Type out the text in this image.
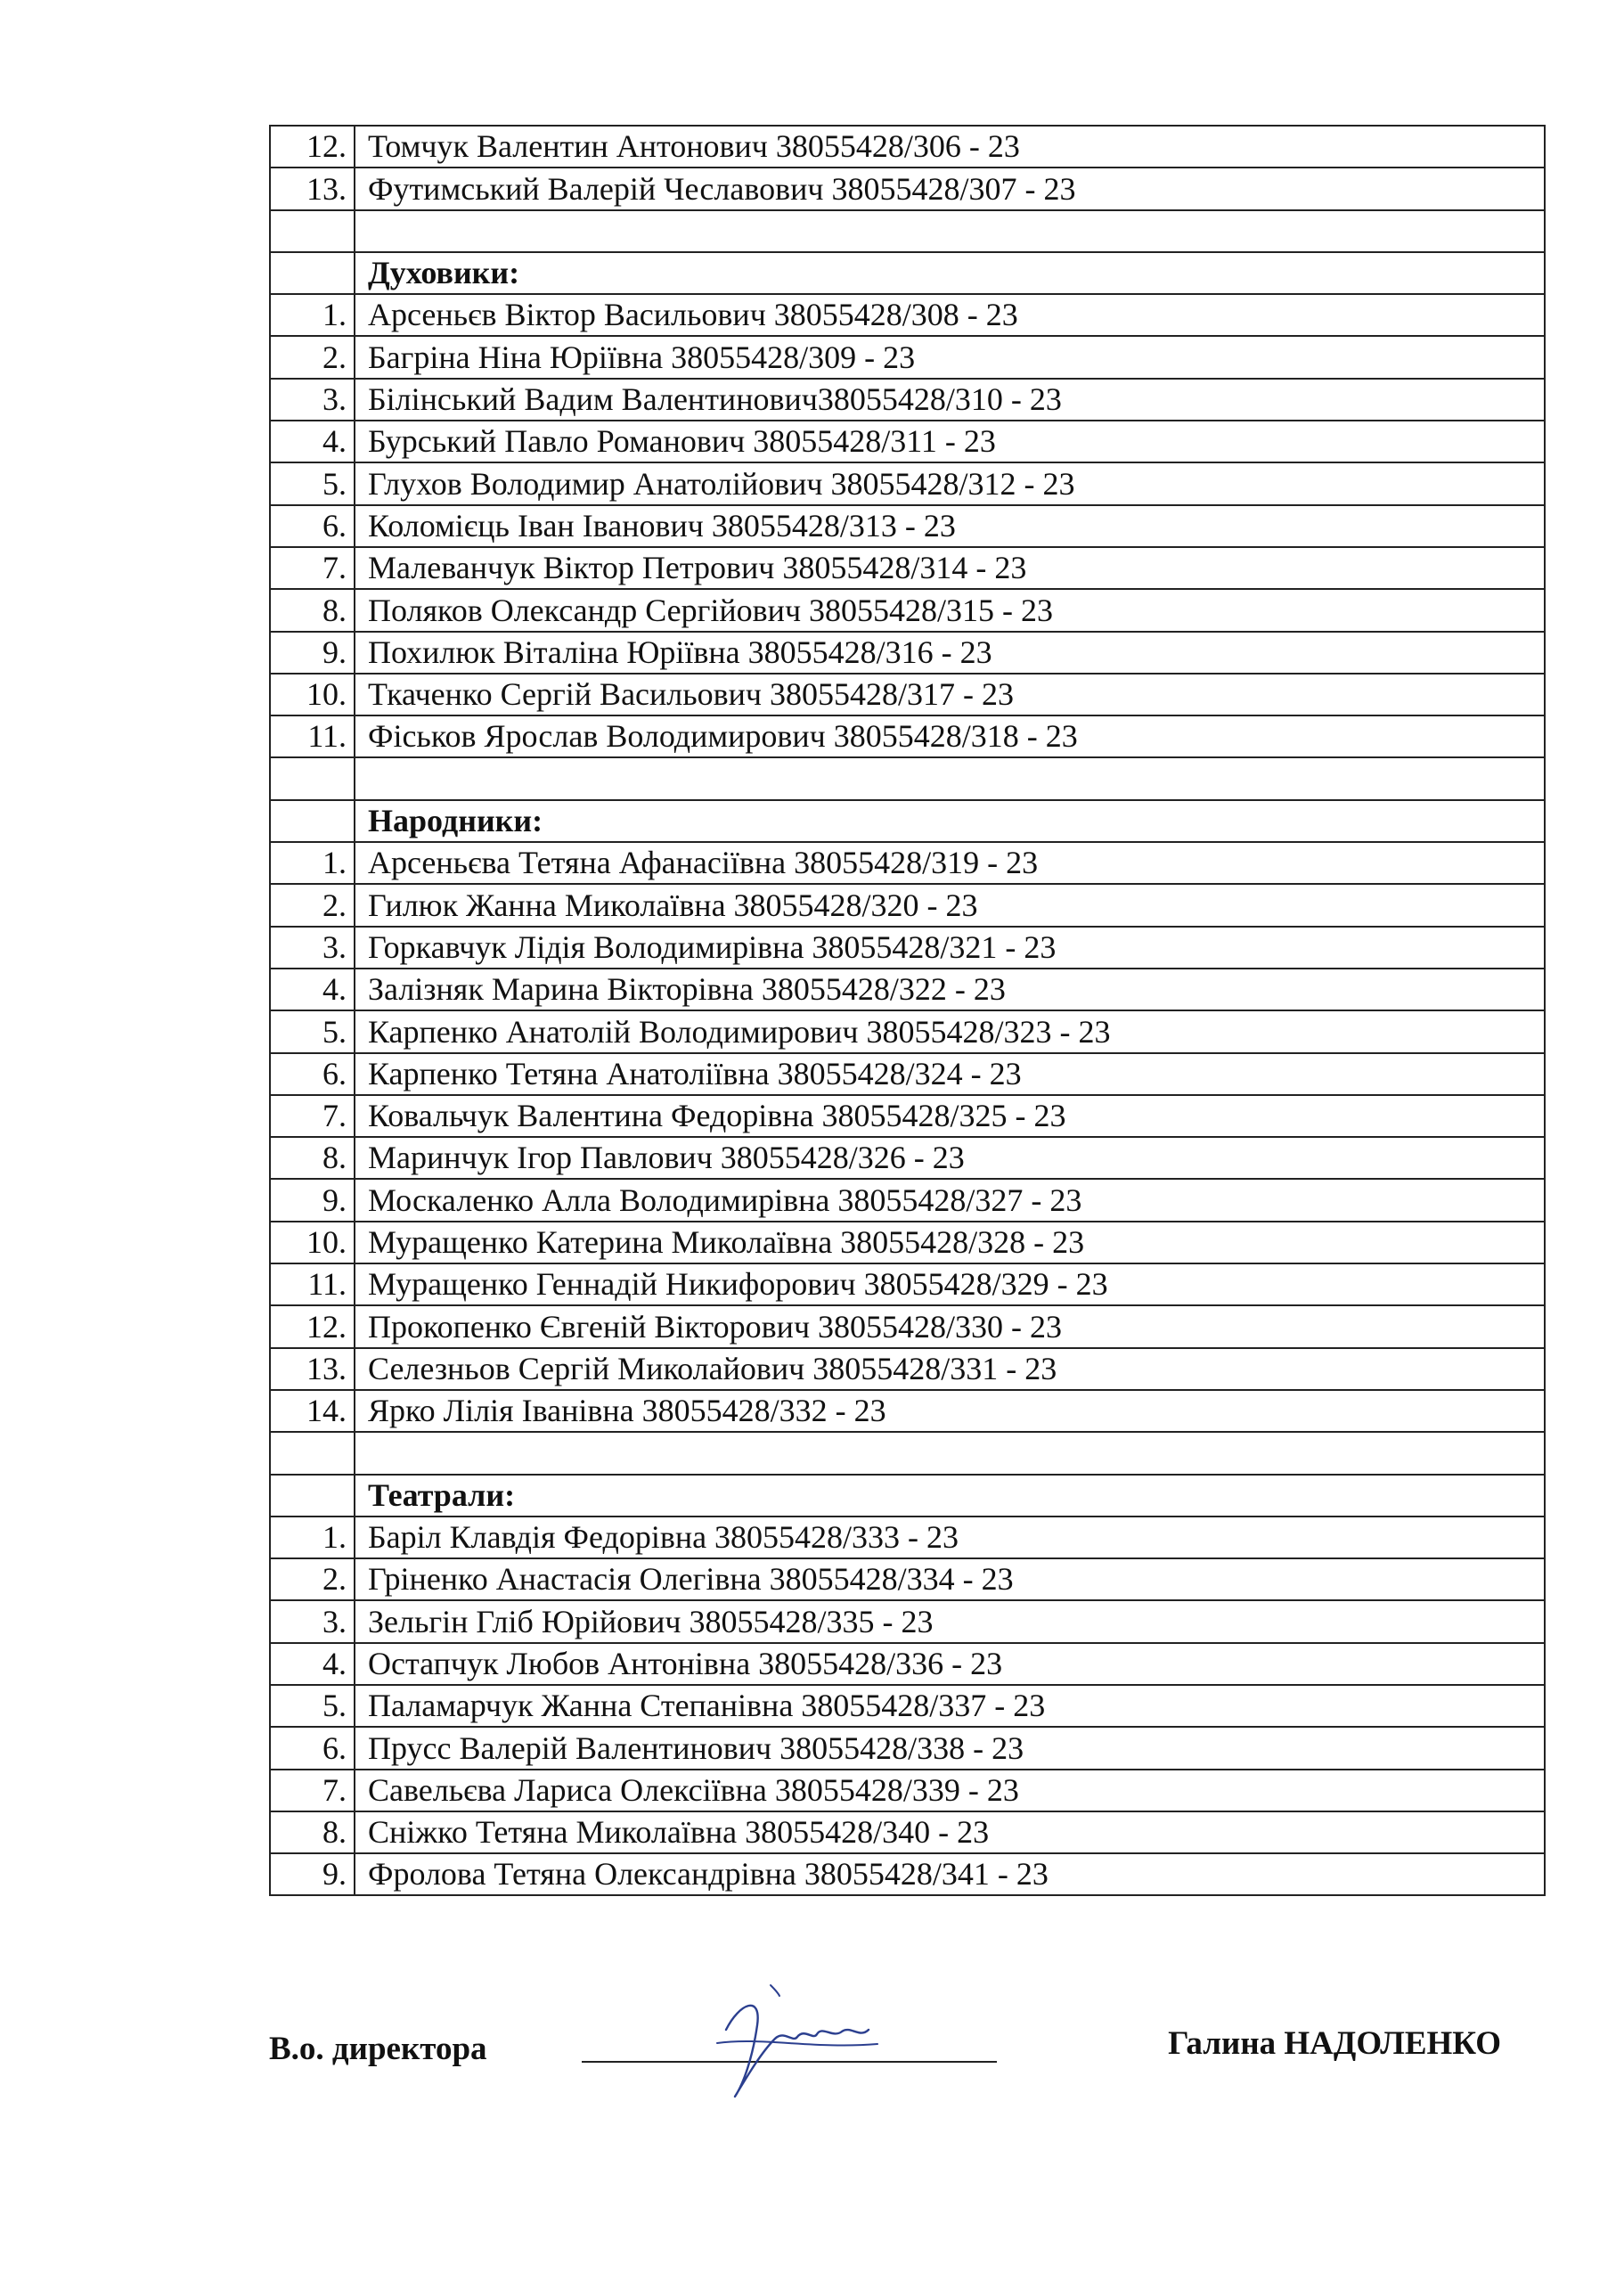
12.	Томчук Валентин Антонович 38055428/306 - 23
13.	Футимський Валерій Чеславович 38055428/307 - 23

	Духовики:
1.	Арсеньєв Віктор Васильович 38055428/308 - 23
2.	Багріна Ніна Юріївна 38055428/309 - 23
3.	Білінський Вадим Валентинович38055428/310 - 23
4.	Бурський Павло Романович 38055428/311 - 23
5.	Глухов Володимир Анатолійович 38055428/312 - 23
6.	Коломієць Іван Іванович 38055428/313 - 23
7.	Малеванчук Віктор Петрович 38055428/314 - 23
8.	Поляков Олександр Сергійович 38055428/315 - 23
9.	Похилюк Віталіна Юріївна 38055428/316 - 23
10.	Ткаченко Сергій Васильович 38055428/317 - 23
11.	Фіськов Ярослав Володимирович 38055428/318 - 23

	Народники:
1.	Арсеньєва Тетяна Афанасіївна 38055428/319 - 23
2.	Гилюк Жанна Миколаївна 38055428/320 - 23
3.	Горкавчук Лідія Володимирівна 38055428/321 - 23
4.	Залізняк Марина Вікторівна 38055428/322 - 23
5.	Карпенко Анатолій Володимирович 38055428/323 - 23
6.	Карпенко Тетяна Анатоліївна 38055428/324 - 23
7.	Ковальчук Валентина Федорівна 38055428/325 - 23
8.	Маринчук Ігор Павлович 38055428/326 - 23
9.	Москаленко Алла Володимирівна 38055428/327 - 23
10.	Муращенко Катерина Миколаївна 38055428/328 - 23
11.	Муращенко Геннадій Никифорович 38055428/329 - 23
12.	Прокопенко Євгеній Вікторович 38055428/330 - 23
13.	Селезньов Сергій Миколайович 38055428/331 - 23
14.	Ярко Лілія Іванівна 38055428/332 - 23

	Театрали:
1.	Баріл Клавдія Федорівна 38055428/333 - 23
2.	Гріненко Анастасія Олегівна 38055428/334 - 23
3.	Зельгін Гліб Юрійович 38055428/335 - 23
4.	Остапчук Любов Антонівна 38055428/336 - 23
5.	Паламарчук Жанна Степанівна 38055428/337 - 23
6.	Прусс Валерій Валентинович 38055428/338 - 23
7.	Савельєва Лариса Олексіївна 38055428/339 - 23
8.	Сніжко Тетяна Миколаївна 38055428/340 - 23
9.	Фролова Тетяна Олександрівна 38055428/341 - 23
В.о. директора	Галина НАДОЛЕНКО
